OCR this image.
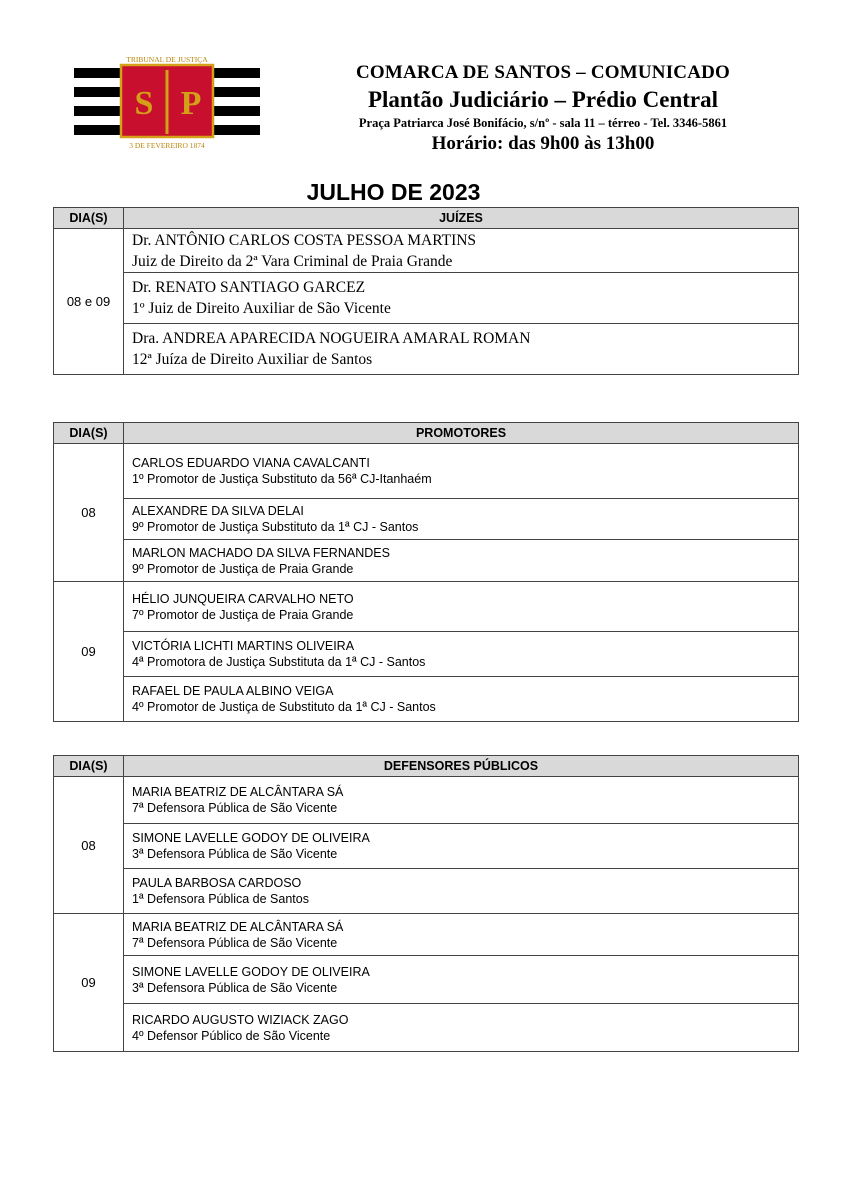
S P
TRIBUNAL DE JUSTIÇA
3 DE FEVEREIRO 1874
COMARCA DE SANTOS – COMUNICADO
Plantão Judiciário – Prédio Central
Praça Patriarca José Bonifácio, s/nº - sala 11 – térreo - Tel. 3346-5861
Horário: das 9h00 às 13h00
JULHO DE 2023
DIA(S)	JUÍZES
08 e 09	Dr. ANTÔNIO CARLOS COSTA PESSOA MARTINS
Juiz de Direito da 2ª Vara Criminal de Praia Grande

	Dr. RENATO SANTIAGO GARCEZ
1º Juiz de Direito Auxiliar de São Vicente

	Dra. ANDREA APARECIDA NOGUEIRA AMARAL ROMAN
12ª Juíza de Direito Auxiliar de Santos
DIA(S)	PROMOTORES
08	CARLOS EDUARDO VIANA CAVALCANTI
1º Promotor de Justiça Substituto da 56ª CJ-Itanhaém

	ALEXANDRE DA SILVA DELAI
9º Promotor de Justiça Substituto da 1ª CJ - Santos

	MARLON MACHADO DA SILVA FERNANDES
9º Promotor de Justiça de Praia Grande

09	HÉLIO JUNQUEIRA CARVALHO NETO
7º Promotor de Justiça de Praia Grande

	VICTÓRIA LICHTI MARTINS OLIVEIRA
4ª Promotora de Justiça Substituta da 1ª CJ - Santos

	RAFAEL DE PAULA ALBINO VEIGA
4º Promotor de Justiça de Substituto da 1ª CJ - Santos
DIA(S)	DEFENSORES PÚBLICOS
08	MARIA BEATRIZ DE ALCÂNTARA SÁ
7ª Defensora Pública de São Vicente

	SIMONE LAVELLE GODOY DE OLIVEIRA
3ª Defensora Pública de São Vicente

	PAULA BARBOSA CARDOSO
1ª Defensora Pública de Santos

09	MARIA BEATRIZ DE ALCÂNTARA SÁ
7ª Defensora Pública de São Vicente

	SIMONE LAVELLE GODOY DE OLIVEIRA
3ª Defensora Pública de São Vicente

	RICARDO AUGUSTO WIZIACK ZAGO
4º Defensor Público de São Vicente
